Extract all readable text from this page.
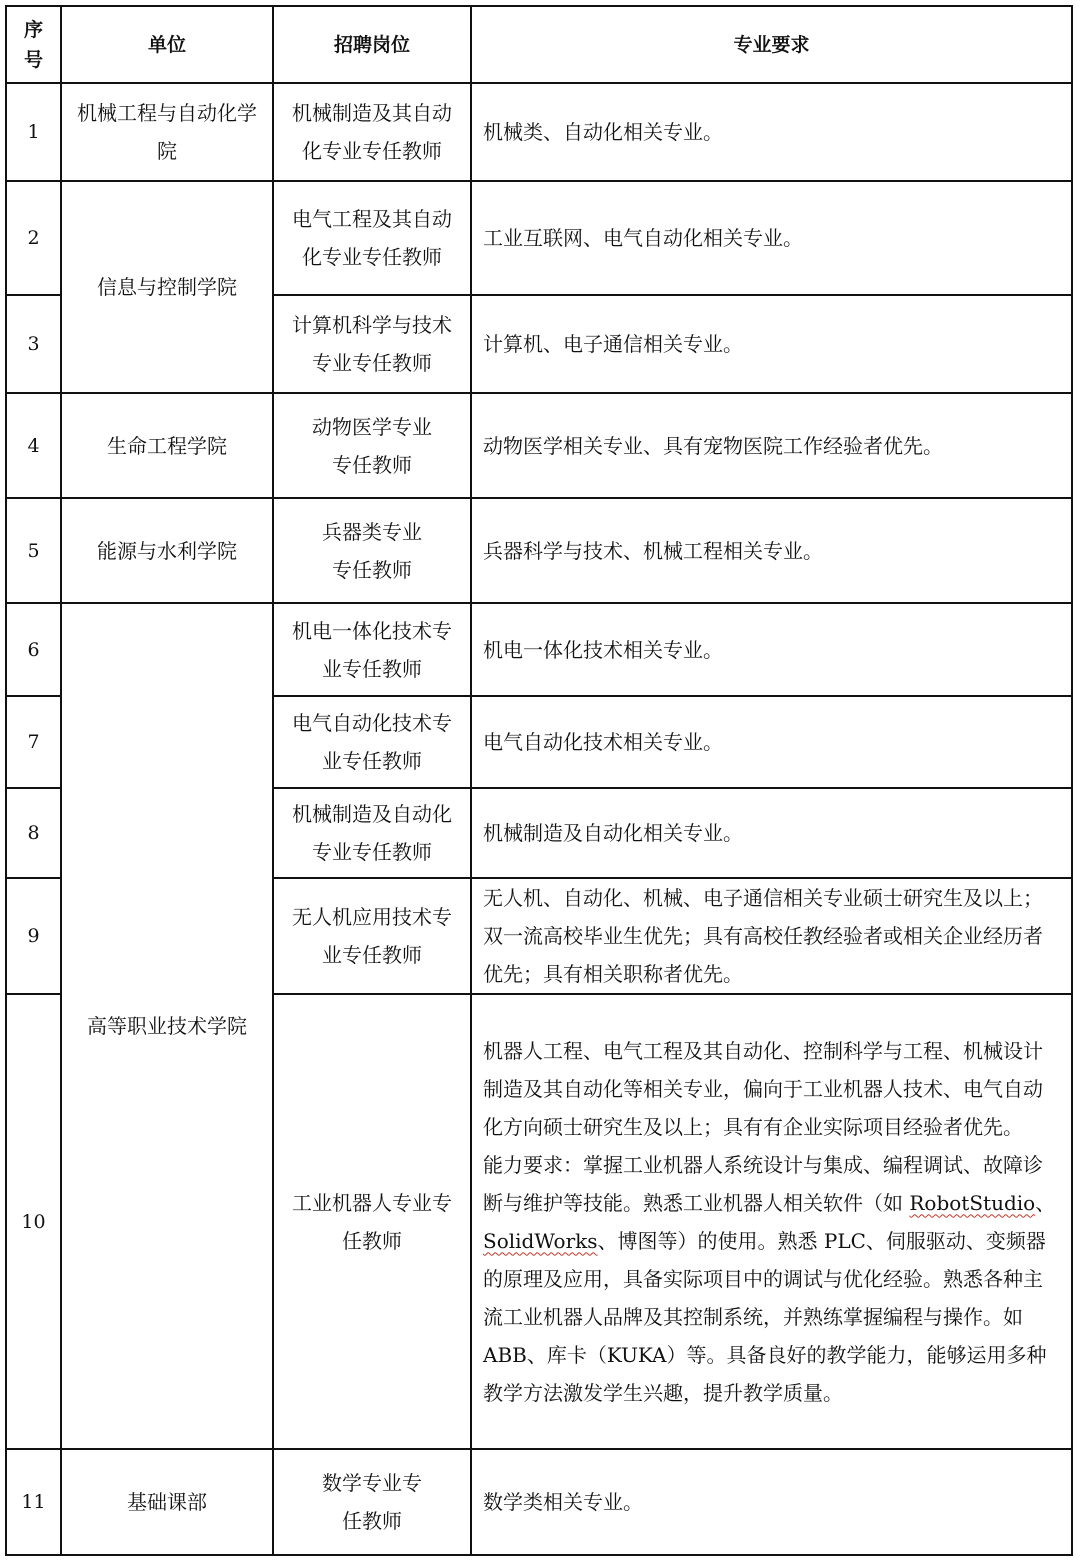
序号	单位	招聘岗位	专业要求
1	机械工程与自动化学院	机械制造及其自动化专业专任教师	机械类、自动化相关专业。
2	信息与控制学院	电气工程及其自动化专业专任教师	工业互联网、电气自动化相关专业。
3		计算机科学与技术专业专任教师	计算机、电子通信相关专业。
4	生命工程学院	动物医学专业专任教师	动物医学相关专业、具有宠物医院工作经验者优先。
5	能源与水利学院	兵器类专业专任教师	兵器科学与技术、机械工程相关专业。
6	高等职业技术学院	机电一体化技术专业专任教师	机电一体化技术相关专业。
7		电气自动化技术专业专任教师	电气自动化技术相关专业。
8		机械制造及自动化专业专任教师	机械制造及自动化相关专业。
9		无人机应用技术专业专任教师	无人机、自动化、机械、电子通信相关专业硕士研究生及以上；双一流高校毕业生优先；具有高校任教经验者或相关企业经历者优先；具有相关职称者优先。
10		工业机器人专业专任教师	机器人工程、电气工程及其自动化、控制科学与工程、机械设计制造及其自动化等相关专业，偏向于工业机器人技术、电气自动化方向硕士研究生及以上；具有有企业实际项目经验者优先。
能力要求：掌握工业机器人系统设计与集成、编程调试、故障诊断与维护等技能。熟悉工业机器人相关软件（如 RobotStudio、SolidWorks、博图等）的使用。熟悉 PLC、伺服驱动、变频器的原理及应用，具备实际项目中的调试与优化经验。熟悉各种主流工业机器人品牌及其控制系统，并熟练掌握编程与操作。如 ABB、库卡（KUKA）等。具备良好的教学能力，能够运用多种教学方法激发学生兴趣，提升教学质量。

11	基础课部	数学专业专任教师	数学类相关专业。
